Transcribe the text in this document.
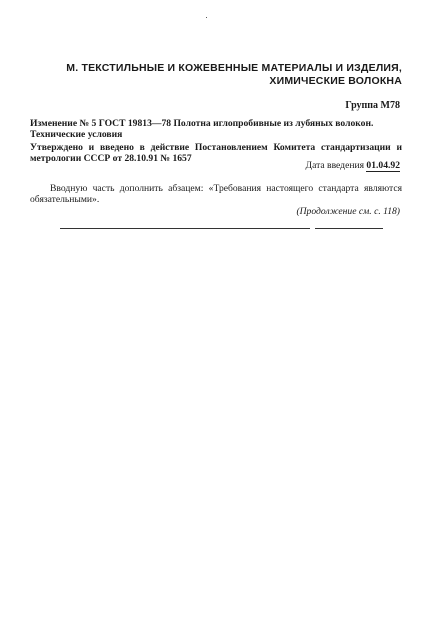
М. ТЕКСТИЛЬНЫЕ И КОЖЕВЕННЫЕ МАТЕРИАЛЫ И ИЗДЕЛИЯ,
ХИМИЧЕСКИЕ ВОЛОКНА
Группа М78
Изменение № 5 ГОСТ 19813—78 Полотна иглопробивные из лубяных волокон.
Технические условия
Утверждено и введено в действие Постановлением Комитета стандартизации и метрологии СССР от 28.10.91 № 1657
Дата введения 01.04.92
Вводную часть дополнить абзацем: «Требования настоящего стандарта являются обязательными».
(Продолжение см. с. 118)
